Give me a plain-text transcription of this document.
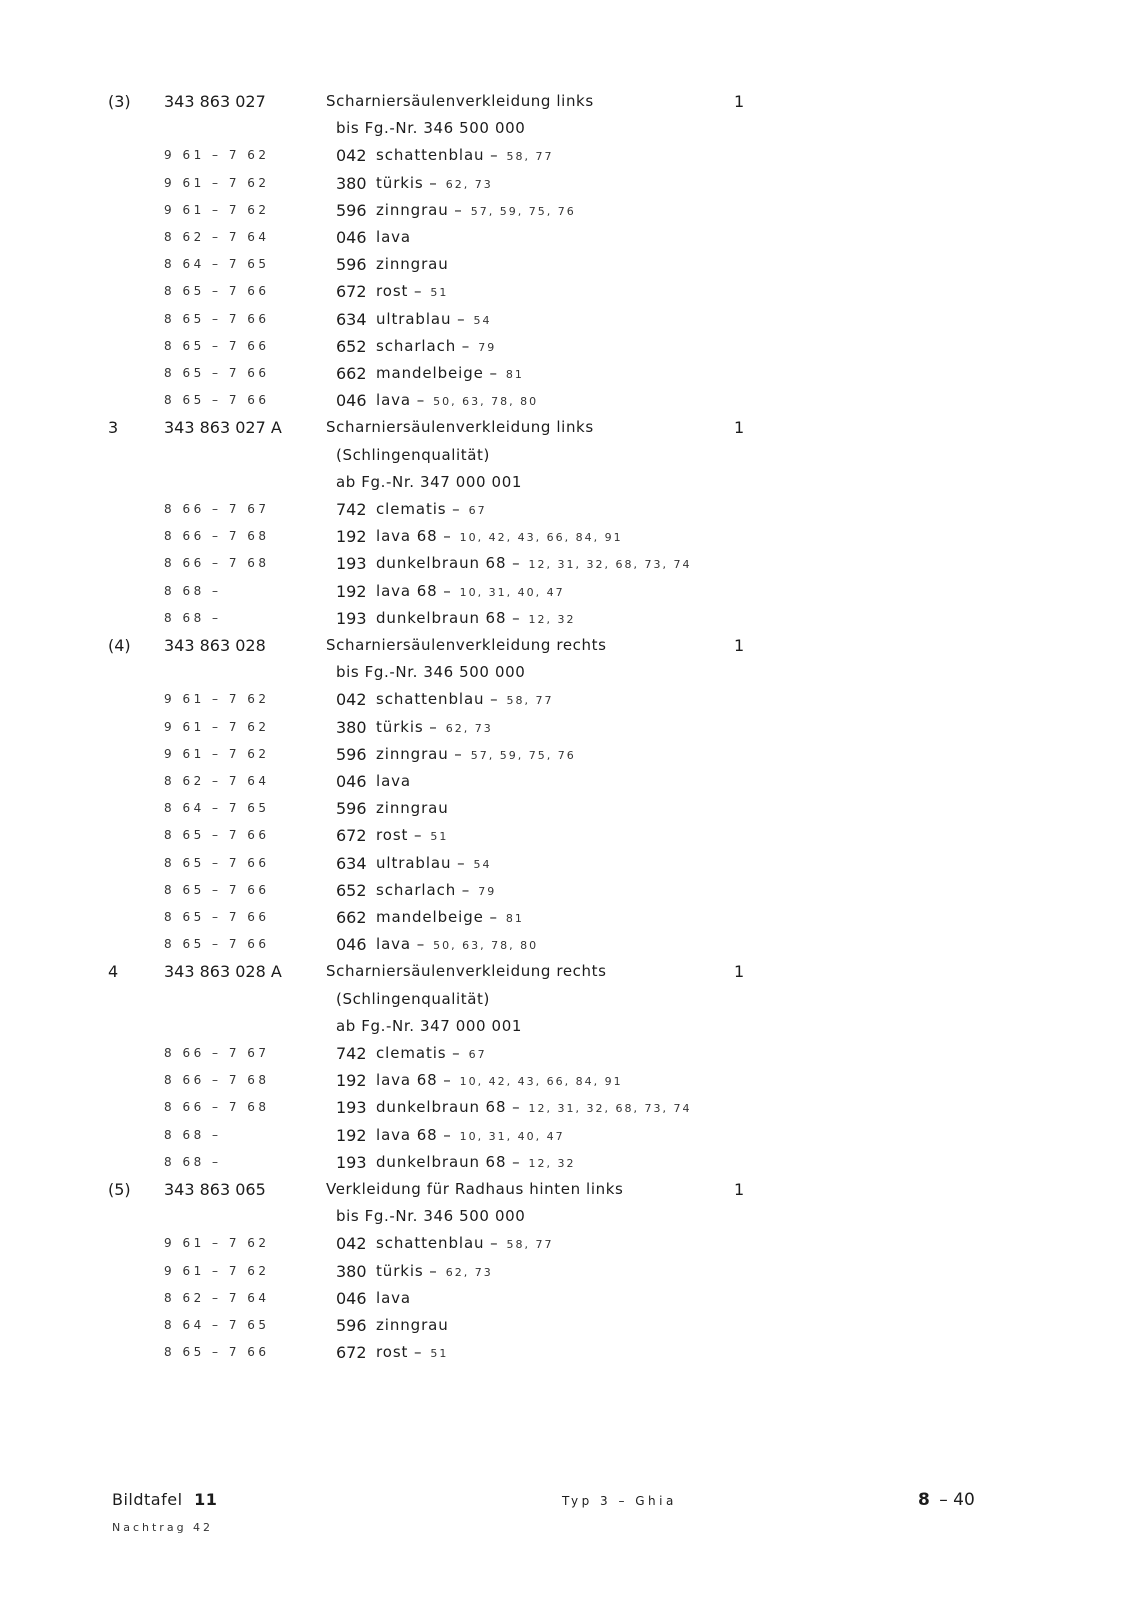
(3) 343 863 027	Scharniersäulenverkleidung links	1
bis Fg.-Nr. 346 500 000
9 61 – 7 62	042 schattenblau – 58, 77
9 61 – 7 62	380 türkis – 62, 73
9 61 – 7 62	596 zinngrau – 57, 59, 75, 76
8 62 – 7 64	046 lava
8 64 – 7 65	596 zinngrau
8 65 – 7 66	672 rost – 51
8 65 – 7 66	634 ultrablau – 54
8 65 – 7 66	652 scharlach – 79
8 65 – 7 66	662 mandelbeige – 81
8 65 – 7 66	046 lava – 50, 63, 78, 80
3	343 863 027 A	Scharniersäulenverkleidung links	1
(Schlingenqualität)
ab Fg.-Nr. 347 000 001
8 66 – 7 67	742 clematis – 67
8 66 – 7 68	192 lava 68 – 10, 42, 43, 66, 84, 91
8 66 – 7 68	193 dunkelbraun 68 – 12, 31, 32, 68, 73, 74
8 68 –	192 lava 68 – 10, 31, 40, 47
8 68 –	193 dunkelbraun 68 – 12, 32
(4) 343 863 028	Scharniersäulenverkleidung rechts	1
bis Fg.-Nr. 346 500 000
9 61 – 7 62	042 schattenblau – 58, 77
9 61 – 7 62	380 türkis – 62, 73
9 61 – 7 62	596 zinngrau – 57, 59, 75, 76
8 62 – 7 64	046 lava
8 64 – 7 65	596 zinngrau
8 65 – 7 66	672 rost – 51
8 65 – 7 66	634 ultrablau – 54
8 65 – 7 66	652 scharlach – 79
8 65 – 7 66	662 mandelbeige – 81
8 65 – 7 66	046 lava – 50, 63, 78, 80
4	343 863 028 A	Scharniersäulenverkleidung rechts	1
(Schlingenqualität)
ab Fg.-Nr. 347 000 001
8 66 – 7 67	742 clematis – 67
8 66 – 7 68	192 lava 68 – 10, 42, 43, 66, 84, 91
8 66 – 7 68	193 dunkelbraun 68 – 12, 31, 32, 68, 73, 74
8 68 –	192 lava 68 – 10, 31, 40, 47
8 68 –	193 dunkelbraun 68 – 12, 32
(5) 343 863 065	Verkleidung für Radhaus hinten links	1
bis Fg.-Nr. 346 500 000
9 61 – 7 62	042 schattenblau – 58, 77
9 61 – 7 62	380 türkis – 62, 73
8 62 – 7 64	046 lava
8 64 – 7 65	596 zinngrau
8 65 – 7 66	672 rost – 51
Bildtafel 11
Nachtrag 42
Typ 3 – Ghia	8 – 40
